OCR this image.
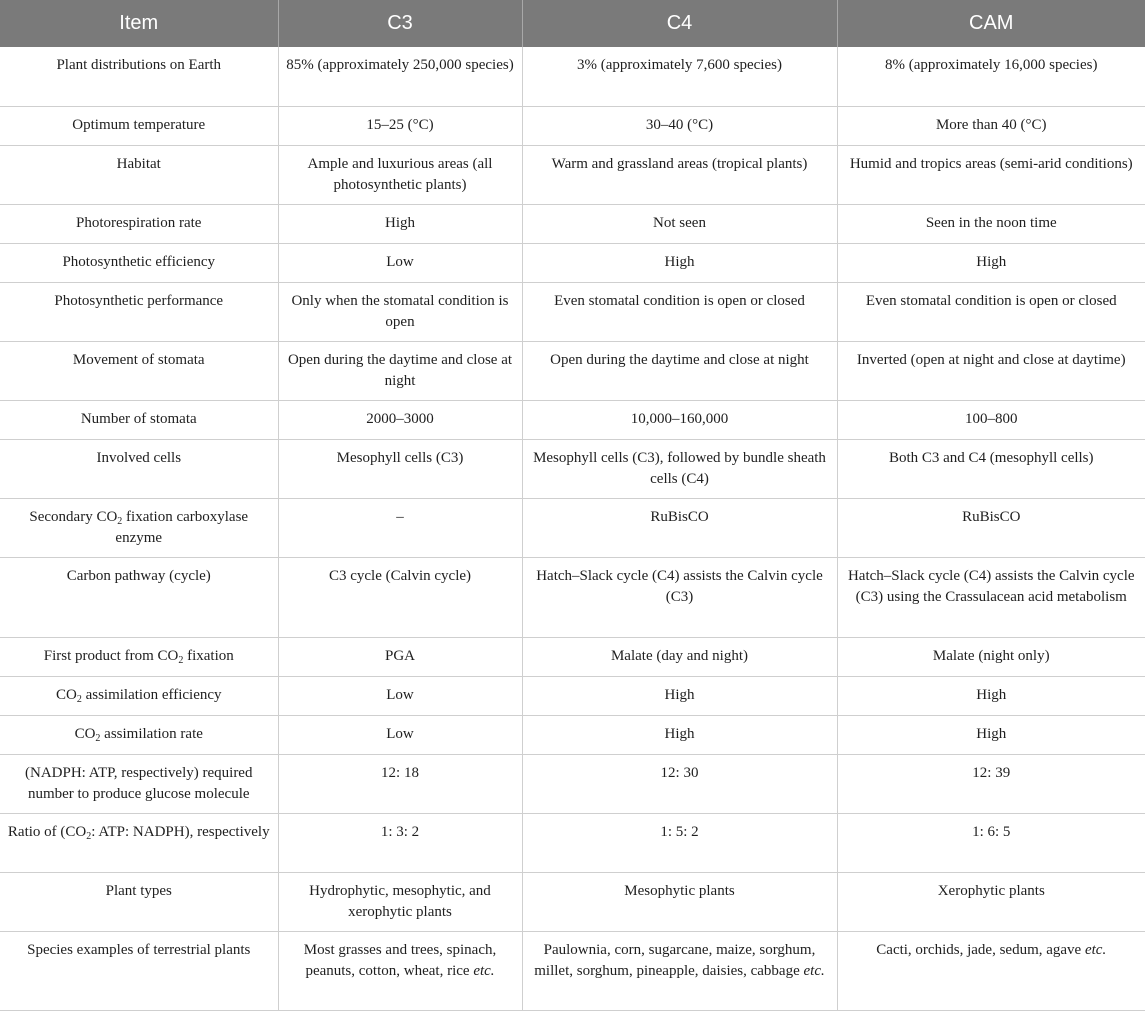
Item	C3	C4	CAM
Plant distributions on Earth	85% (approximately 250,000 species)	3% (approximately 7,600 species)	8% (approximately 16,000 species)
Optimum temperature	15–25 (°C)	30–40 (°C)	More than 40 (°C)
Habitat	Ample and luxurious areas (all photosynthetic plants)	Warm and grassland areas (tropical plants)	Humid and tropics areas (semi-arid conditions)
Photorespiration rate	High	Not seen	Seen in the noon time
Photosynthetic efficiency	Low	High	High
Photosynthetic performance	Only when the stomatal condition is open	Even stomatal condition is open or closed	Even stomatal condition is open or closed
Movement of stomata	Open during the daytime and close at night	Open during the daytime and close at night	Inverted (open at night and close at daytime)
Number of stomata	2000–3000	10,000–160,000	100–800
Involved cells	Mesophyll cells (C3)	Mesophyll cells (C3), followed by bundle sheath cells (C4)	Both C3 and C4 (mesophyll cells)
Secondary $CO_2$ fixation carboxylase enzyme	–	RuBisCO	RuBisCO
Carbon pathway (cycle)	C3 cycle (Calvin cycle)	Hatch–Slack cycle (C4) assists the Calvin cycle (C3)	Hatch–Slack cycle (C4) assists the Calvin cycle (C3) using the Crassulacean acid metabolism
First product from $CO_2$ fixation	PGA	Malate (day and night)	Malate (night only)
$CO_2$ assimilation efficiency	Low	High	High
$CO_2$ assimilation rate	Low	High	High
(NADPH: ATP, respectively) required number to produce glucose molecule	12: 18	12: 30	12: 39
Ratio of ($CO_2$: ATP: NADPH), respectively	1: 3: 2	1: 5: 2	1: 6: 5
Plant types	Hydrophytic, mesophytic, and xerophytic plants	Mesophytic plants	Xerophytic plants
Species examples of terrestrial plants	Most grasses and trees, spinach, peanuts, cotton, wheat, rice etc.	Paulownia, corn, sugarcane, maize, sorghum, millet, sorghum, pineapple, daisies, cabbage etc.	Cacti, orchids, jade, sedum, agave etc.
